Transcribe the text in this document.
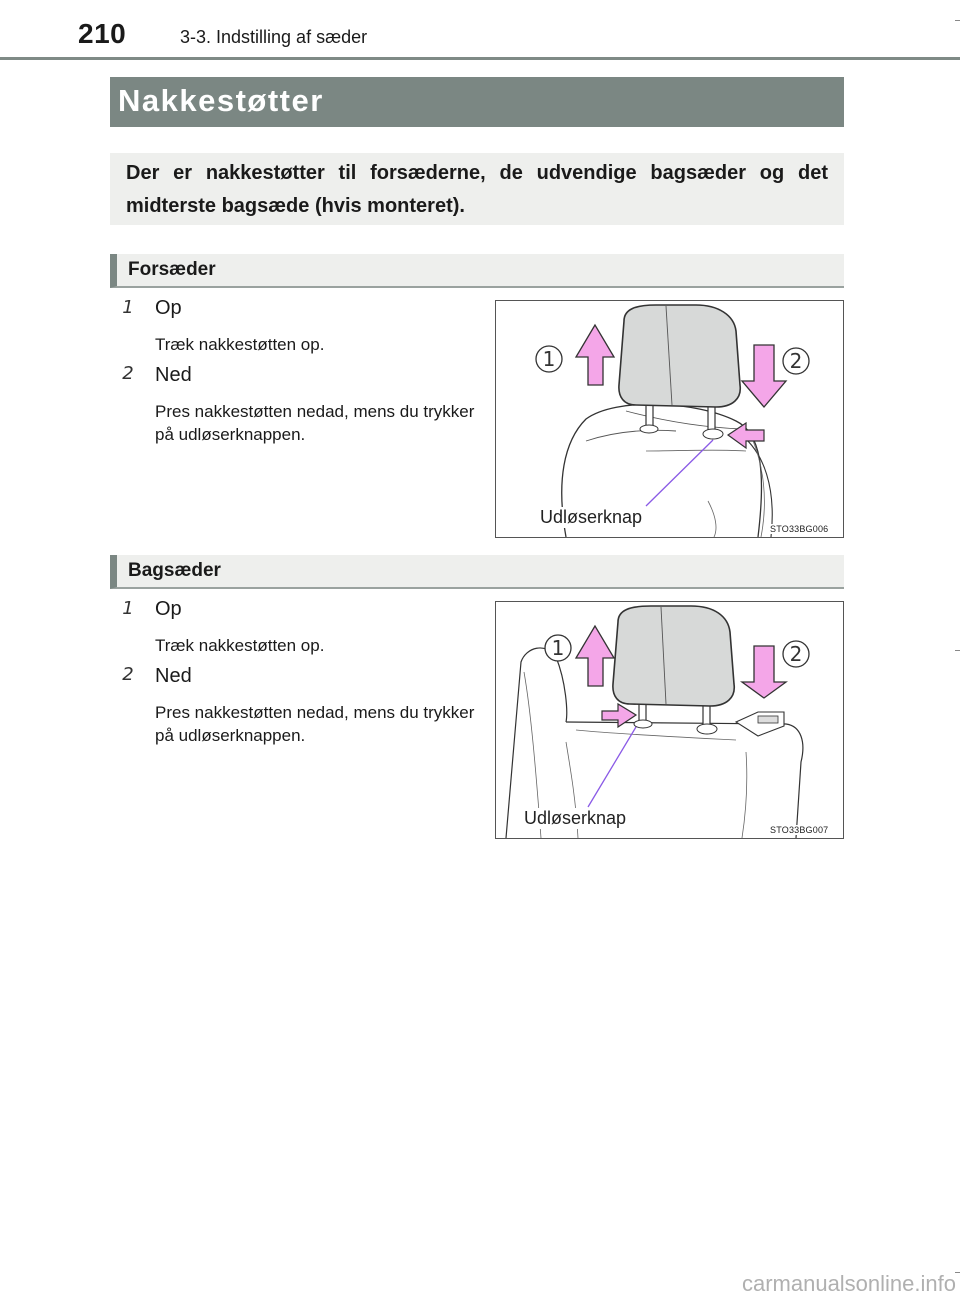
210	3-3. Indstilling af sæder
Nakkestøtter

Der er nakkestøtter til forsæderne, de udvendige bagsæder og det midterste bagsæde (hvis monteret).

Forsæder
1	Op
Træk nakkestøtten op.
2	Ned
Pres nakkestøtten nedad, mens du trykker på udløserknappen.
1	2
Udløserknap
STO33BG006
Bagsæder
1	Op
Træk nakkestøtten op.
2	Ned
Pres nakkestøtten nedad, mens du trykker på udløserknappen.
1	2
Udløserknap
STO33BG007
carmanualsonline.info
